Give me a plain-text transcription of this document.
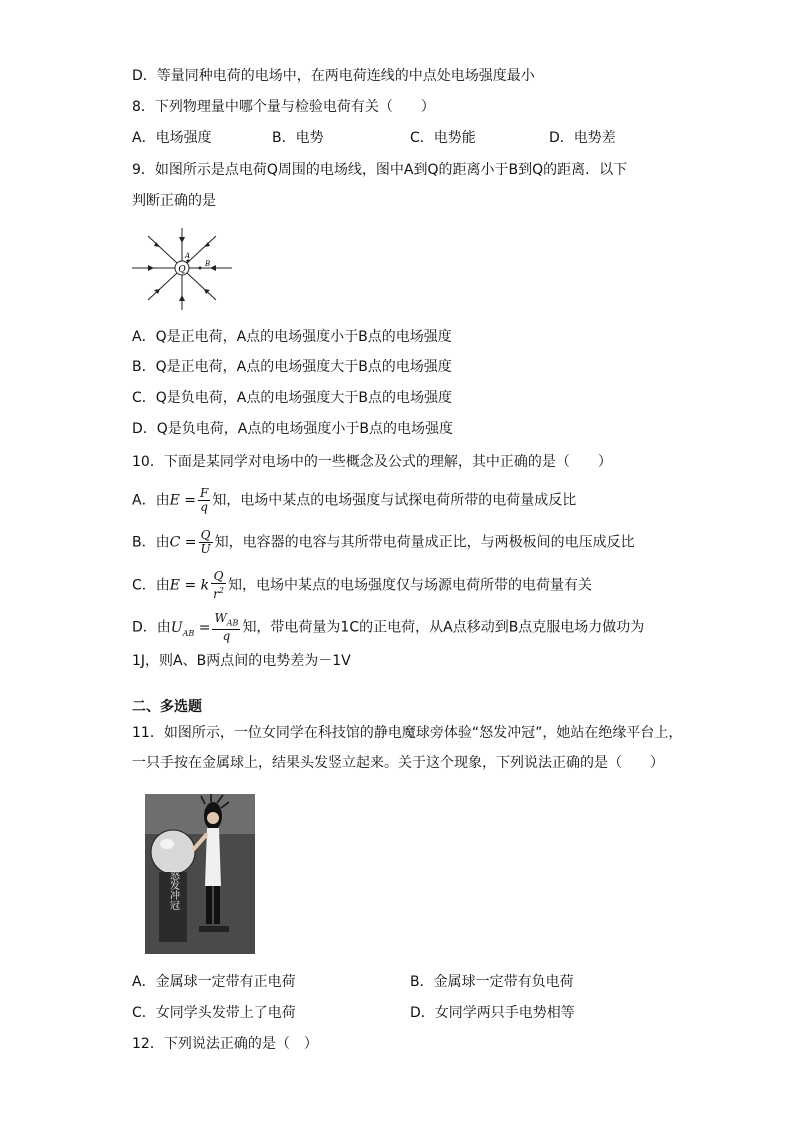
D．等量同种电荷的电场中，在两电荷连线的中点处电场强度最小
8．下列物理量中哪个量与检验电荷有关（　　）
A．电场强度	B．电势	C．电势能	D．电势差
9．如图所示是点电荷Q周围的电场线，图中A到Q的距离小于B到Q的距离．以下
判断正确的是
Q
A
B
A．Q是正电荷，A点的电场强度小于B点的电场强度
B．Q是正电荷，A点的电场强度大于B点的电场强度
C．Q是负电荷，A点的电场强度大于B点的电场强度
D．Q是负电荷，A点的电场强度小于B点的电场强度
10．下面是某同学对电场中的一些概念及公式的理解，其中正确的是（　　）
A．由$E = \frac{F}{q}$ 知，电场中某点的电场强度与试探电荷所带的电荷量成反比
B．由$C = \frac{Q}{U}$ 知，电容器的电容与其所带电荷量成正比，与两极板间的电压成反比
C．由E = k $\frac{Q}{r^2}$ 知，电场中某点的电场强度仅与场源电荷所带的电荷量有关
D．由$U_{AB} = \frac{W_{AB}}{q}$ 知，带电荷量为1C的正电荷，从A点移动到B点克服电场力做功为
1J，则A、B两点间的电势差为－1V
二、多选题
11．如图所示，一位女同学在科技馆的静电魔球旁体验“怒发冲冠”，她站在绝缘平台上，
一只手按在金属球上，结果头发竖立起来。关于这个现象，下列说法正确的是（　　）
怒发冲冠
A．金属球一定带有正电荷	B．金属球一定带有负电荷
C．女同学头发带上了电荷	D．女同学两只手电势相等
12．下列说法正确的是（　）
